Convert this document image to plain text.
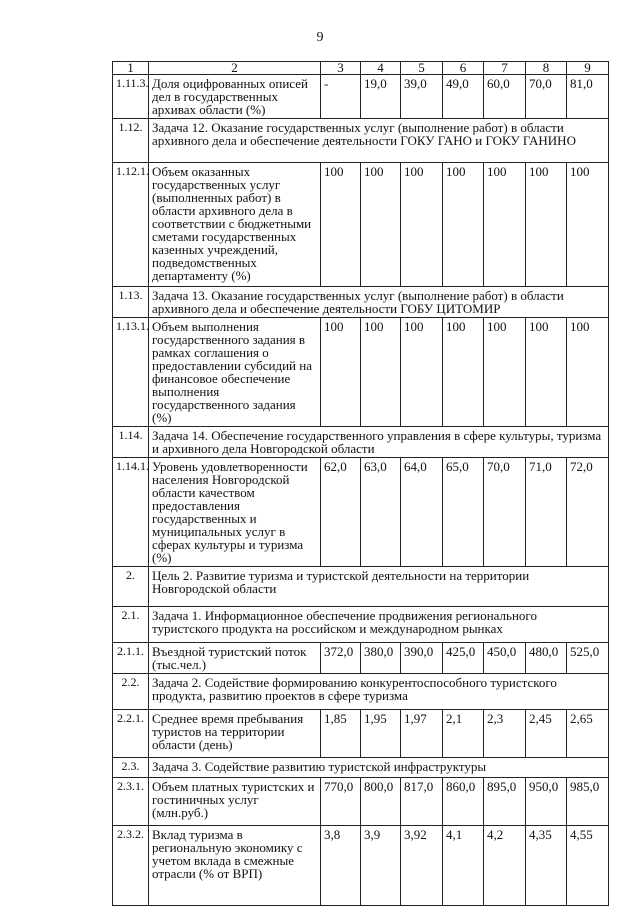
9
1	2	3	4	5	6	7	8	9
1.11.3.	Доля оцифрованных описей дел в государственных архивах области (%)	-	19,0	39,0	49,0	60,0	70,0	81,0
1.12.	Задача 12. Оказание государственных услуг (выполнение работ) в области архивного дела и обеспечение деятельности ГОКУ ГАНО и ГОКУ ГАНИНО							
1.12.1.	Объем оказанных государственных услуг (выполненных работ) в области архивного дела в соответствии с бюджетными сметами государственных казенных учреждений, подведомственных департаменту (%)	100	100	100	100	100	100	100
1.13.	Задача 13. Оказание государственных услуг (выполнение работ) в области архивного дела и обеспечение деятельности ГОБУ ЦИТОМИР							
1.13.1.	Объем выполнения государственного задания в рамках соглашения о предоставлении субсидий на финансовое обеспечение выполнения государственного задания (%)	100	100	100	100	100	100	100
1.14.	Задача 14. Обеспечение государственного управления в сфере культуры, туризма и архивного дела Новгородской области							
1.14.1.	Уровень удовлетворенности населения Новгородской области качеством предоставления государственных и муниципальных услуг в сферах культуры и туризма (%)	62,0	63,0	64,0	65,0	70,0	71,0	72,0
2.	Цель 2. Развитие туризма и туристской деятельности на территории Новгородской области							
2.1.	Задача 1. Информационное обеспечение продвижения регионального туристского продукта на российском и международном рынках							
2.1.1.	Въездной туристский поток (тыс.чел.)	372,0	380,0	390,0	425,0	450,0	480,0	525,0
2.2.	Задача 2. Содействие формированию конкурентоспособного туристского продукта, развитию проектов в сфере туризма							
2.2.1.	Среднее время пребывания туристов на территории области (день)	1,85	1,95	1,97	2,1	2,3	2,45	2,65
2.3.	Задача 3. Содействие развитию туристской инфраструктуры							
2.3.1.	Объем платных туристских и гостиничных услуг (млн.руб.)	770,0	800,0	817,0	860,0	895,0	950,0	985,0
2.3.2.	Вклад туризма в региональную экономику с учетом вклада в смежные отрасли (% от ВРП)	3,8	3,9	3,92	4,1	4,2	4,35	4,55
